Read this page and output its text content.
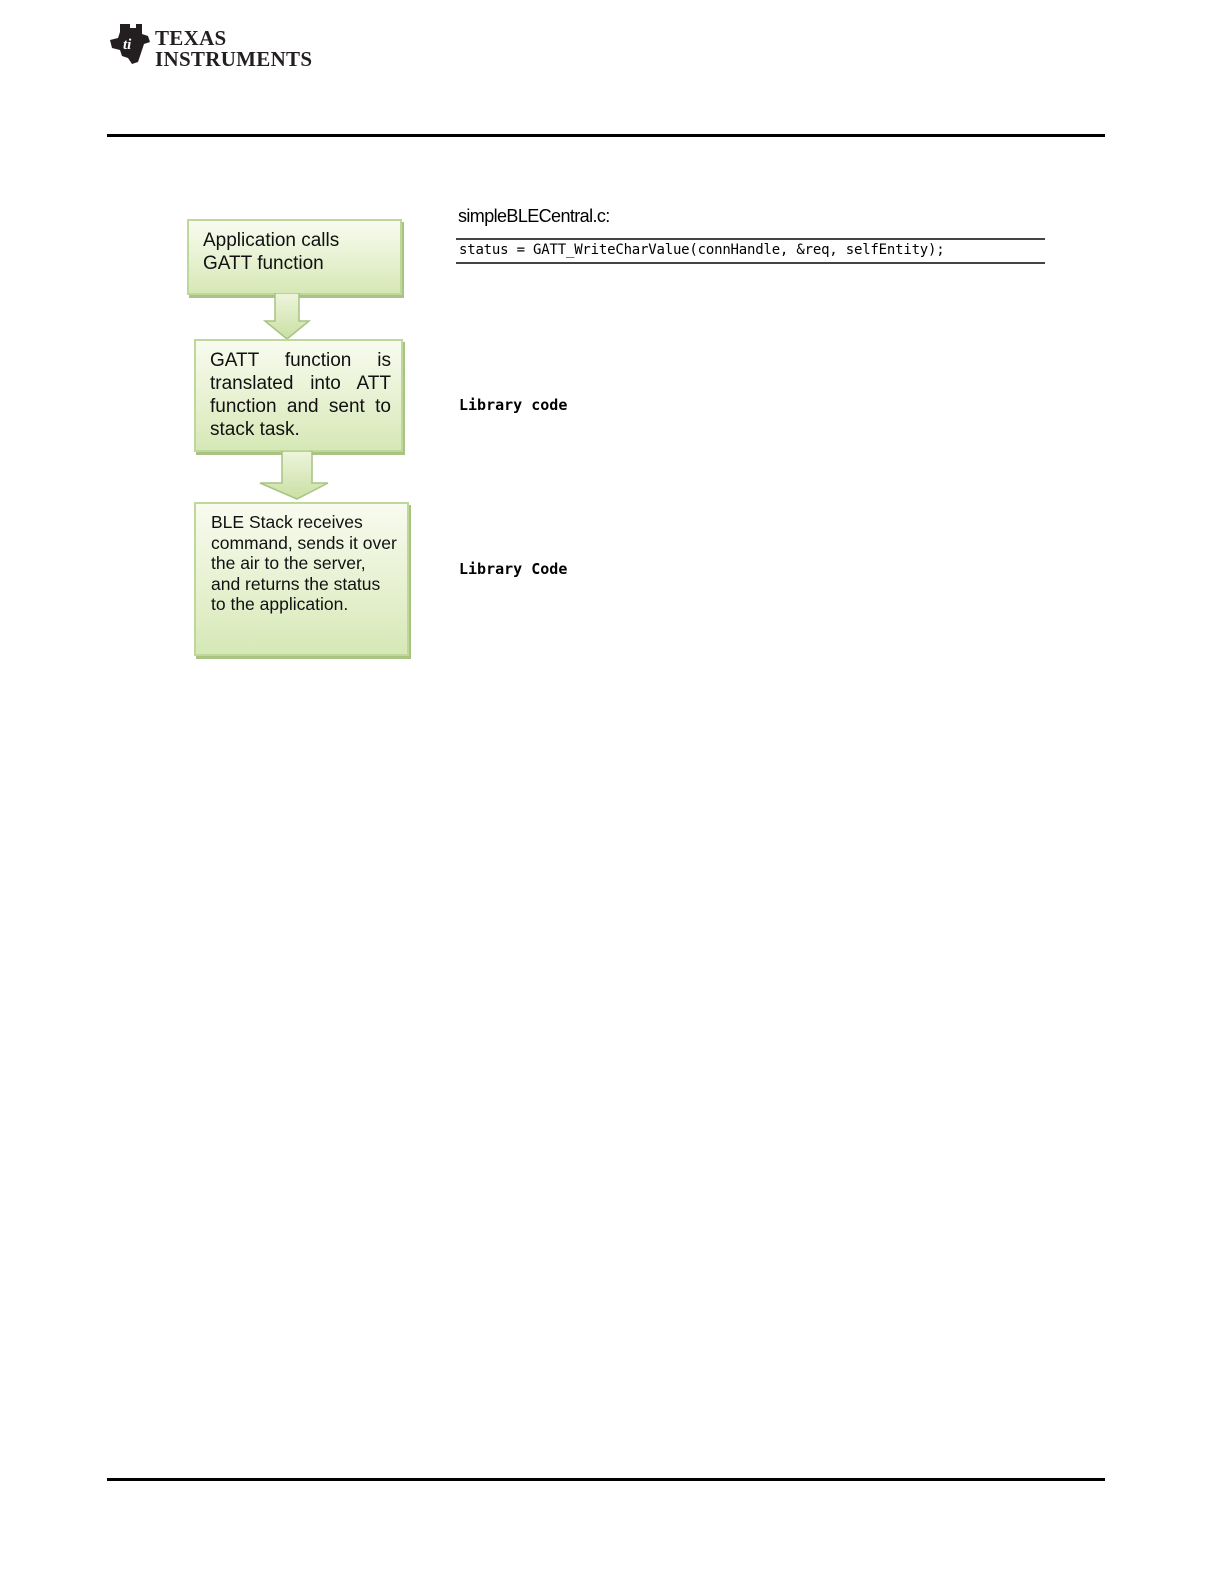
ti TEXAS
INSTRUMENTS
Application calls GATT function
GATT function is translated into ATT function and sent to stack task.
BLE Stack receives command, sends it over the air to the server, and returns the status to the application.
simpleBLECentral.c:
status = GATT_WriteCharValue(connHandle, &req, selfEntity);
Library code
Library Code
